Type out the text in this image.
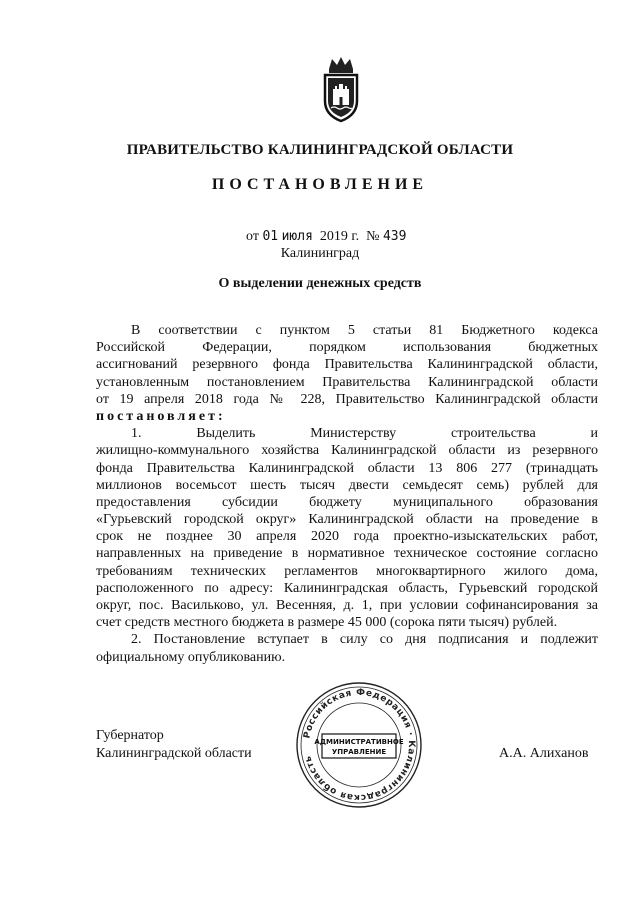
ПРАВИТЕЛЬСТВО КАЛИНИНГРАДСКОЙ ОБЛАСТИ
ПОСТАНОВЛЕНИЕ
от 01 июля 2019 г. № 439
Калининград
О выделении денежных средств
В соответствии с пунктом 5 статьи 81 Бюджетного кодекса
Российской Федерации, порядком использования бюджетных
ассигнований резервного фонда Правительства Калининградской области,
установленным постановлением Правительства Калининградской области
от 19 апреля 2018 года № 228, Правительство Калининградской области
постановляет:
1. Выделить Министерству строительства и
жилищно-коммунального хозяйства Калининградской области из резервного
фонда Правительства Калининградской области 13 806 277 (тринадцать
миллионов восемьсот шесть тысяч двести семьдесят семь) рублей для
предоставления субсидии бюджету муниципального образования
«Гурьевский городской округ» Калининградской области на проведение в
срок не позднее 30 апреля 2020 года проектно-изыскательских работ,
направленных на приведение в нормативное техническое состояние согласно
требованиям технических регламентов многоквартирного жилого дома,
расположенного по адресу: Калининградская область, Гурьевский городской
округ, пос. Васильково, ул. Весенняя, д. 1, при условии софинансирования за
счет средств местного бюджета в размере 45 000 (сорока пяти тысяч) рублей.
2. Постановление вступает в силу со дня подписания и подлежит
официальному опубликованию.
Российская Федерация · Калининградская область
АДМИНИСТРАТИВНОЕ
УПРАВЛЕНИЕ
Губернатор
Калининградской области	А.А. Алиханов
